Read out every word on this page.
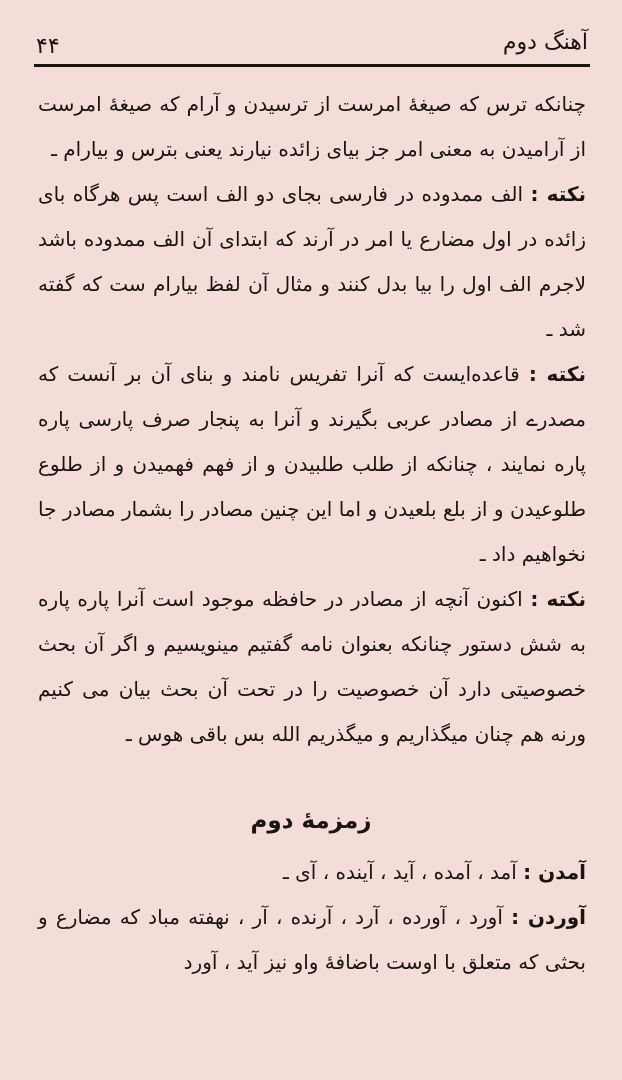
آهنگ دوم
۴۴

چنانکه ترس که صیغهٔ امرست از ترسیدن و آرام که صیغهٔ امرست از آرامیدن به معنی امر جز بیای زائده نیارند یعنی بترس و بیارام ـ

نکته : الف ممدوده در فارسی بجای دو الف است پس هرگاه بای زائده در اول مضارع یا امر در آرند که ابتدای آن الف ممدوده باشد لاجرم الف اول را بیا بدل کنند و مثال آن لفظ بیارام ست که گفته شد ـ

نکته : قاعده‌ایست که آنرا تفریس نامند و بنای آن بر آنست که مصدرے از مصادر عربی بگیرند و آنرا به پنجار صرف پارسی پاره پاره نمایند ، چنانکه از طلب طلبیدن و از فهم فهمیدن و از طلوع طلوعیدن و از بلع بلعیدن و اما این چنین مصادر را بشمار مصادر جا نخواهیم داد ـ

نکته : اکنون آنچه از مصادر در حافظه موجود است آنرا پاره پاره به شش دستور چنانکه بعنوان نامه گفتیم مینویسیم و اگر آن بحث خصوصیتی دارد آن خصوصیت را در تحت آن بحث بیان می کنیم ورنه هم چنان میگذاریم و میگذریم الله بس باقی هوس ـ

زمزمهٔ دوم

آمدن : آمد ، آمده ، آید ، آینده ، آی ـ

آوردن : آورد ، آورده ، آرد ، آرنده ، آر ، نهفته مباد که مضارع و بحثی که متعلق با اوست باضافهٔ واو نیز آید ، آورد
